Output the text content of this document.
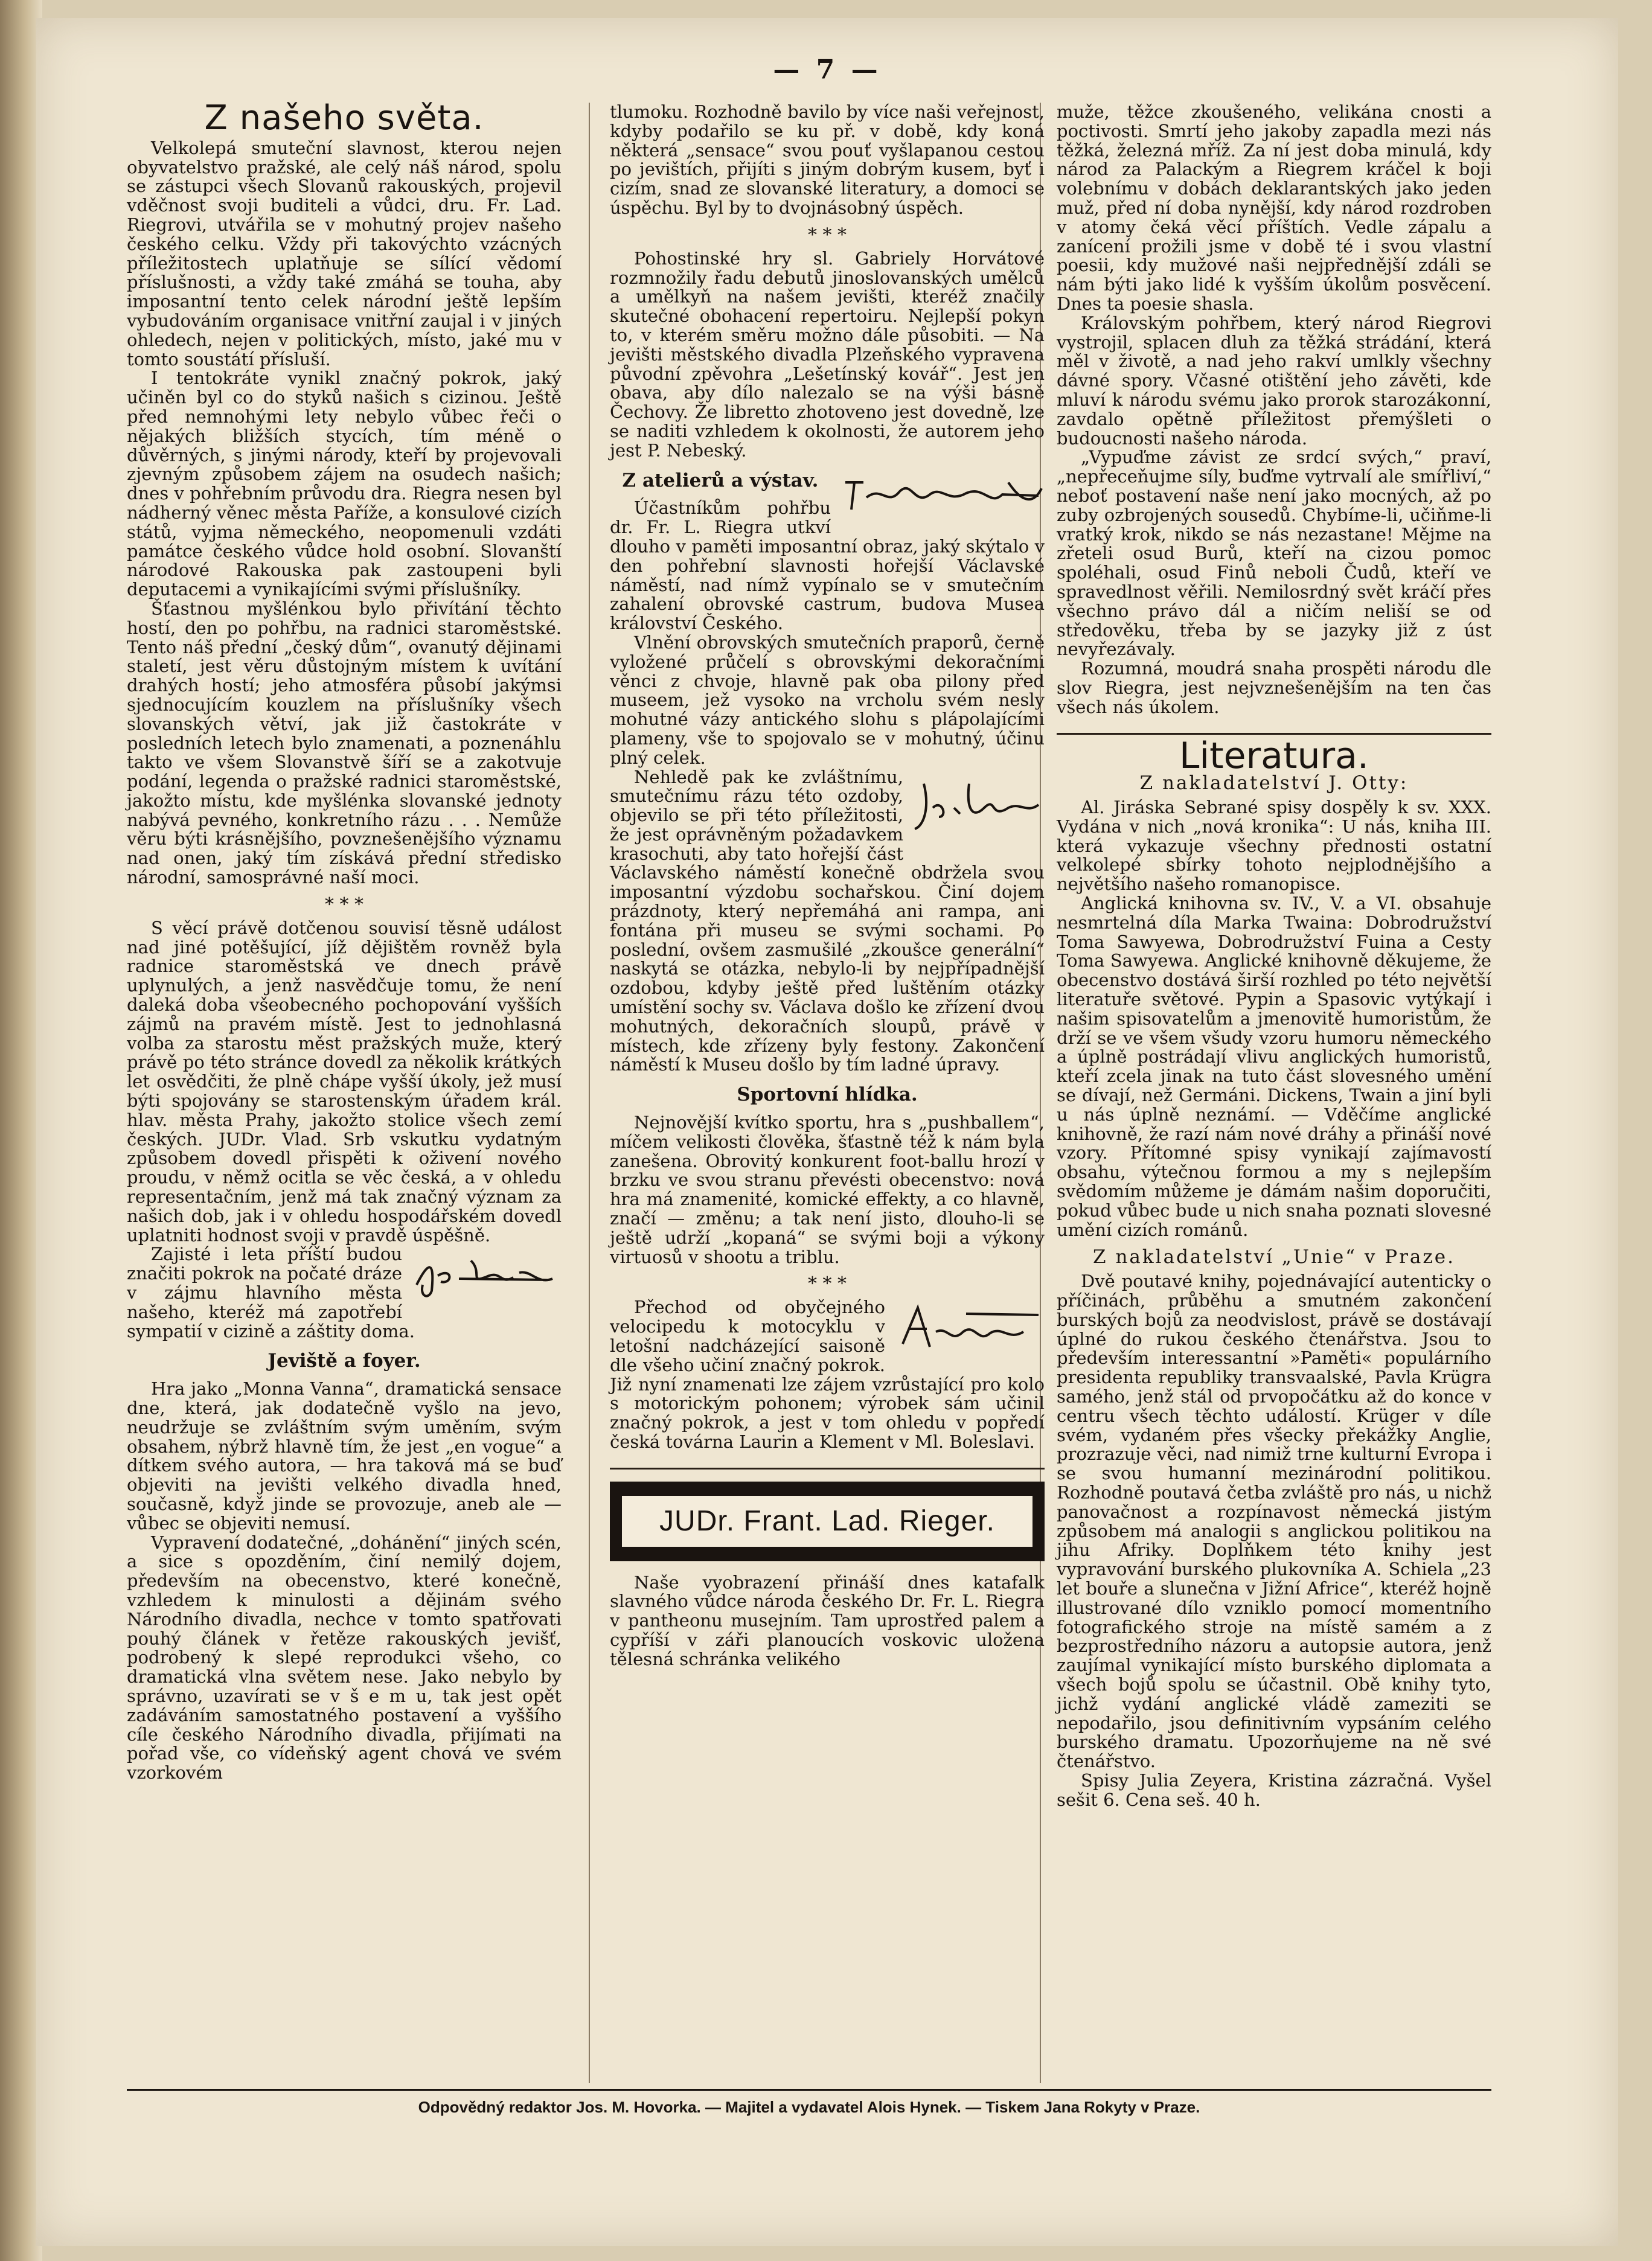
— 7 —
Z našeho světa.

Velkolepá smuteční slavnost, kterou nejen obyvatelstvo pražské, ale celý náš národ, spolu se zástupci všech Slovanů rakouských, projevil vděčnost svoji buditeli a vůdci, dru. Fr. Lad. Riegrovi, utvářila se v mohutný projev našeho českého celku. Vždy při takovýchto vzácných příležitostech uplatňuje se sílící vědomí příslušnosti, a vždy také zmáhá se touha, aby imposantní tento celek národní ještě lepším vybudováním organisace vnitřní zaujal i v jiných ohledech, nejen v politických, místo, jaké mu v tomto soustátí přísluší.

I tentokráte vynikl značný pokrok, jaký učiněn byl co do styků našich s cizinou. Ještě před nemnohými lety nebylo vůbec řeči o nějakých bližších stycích, tím méně o důvěrných, s jinými národy, kteří by projevovali zjevným způsobem zájem na osudech našich; dnes v pohřebním průvodu dra. Riegra nesen byl nádherný věnec města Paříže, a konsulové cizích států, vyjma německého, neopomenuli vzdáti památce českého vůdce hold osobní. Slovanští národové Rakouska pak zastoupeni byli deputacemi a vynikajícími svými příslušníky.

Šťastnou myšlénkou bylo přivítání těchto hostí, den po pohřbu, na radnici staroměstské. Tento náš přední „český dům“, ovanutý dějinami staletí, jest věru důstojným místem k uvítání drahých hostí; jeho atmosféra působí jakýmsi sjednocujícím kouzlem na příslušníky všech slovanských větví, jak již častokráte v posledních letech bylo znamenati, a poznenáhlu takto ve všem Slovanstvě šíří se a zakotvuje podání, legenda o pražské radnici staroměstské, jakožto místu, kde myšlénka slovanské jednoty nabývá pevného, konkretního rázu . . . Nemůže věru býti krásnějšího, povznešenějšího významu nad onen, jaký tím získává přední středisko národní, samosprávné naší moci.

* * *

S věcí právě dotčenou souvisí těsně událost nad jiné potěšující, jíž dějištěm rovněž byla radnice staroměstská ve dnech právě uplynulých, a jenž nasvědčuje tomu, že není daleká doba všeobecného pochopování vyšších zájmů na pravém místě. Jest to jednohlasná volba za starostu měst pražských muže, který právě po této stránce dovedl za několik krátkých let osvědčiti, že plně chápe vyšší úkoly, jež musí býti spojovány se starostenským úřadem král. hlav. města Prahy, jakožto stolice všech zemí českých. JUDr. Vlad. Srb vskutku vydatným způsobem dovedl přispěti k oživení nového proudu, v němž ocitla se věc česká, a v ohledu representačním, jenž má tak značný význam za našich dob, jak i v ohledu hospodářském dovedl uplatniti hodnost svoji v pravdě úspěšně.

Zajisté i leta příští budou značiti pokrok na počaté dráze v zájmu hlavního města našeho, kteréž má zapotřebí sympatií v cizině a záštity doma.

Jeviště a foyer.

Hra jako „Monna Vanna“, dramatická sensace dne, která, jak dodatečně vyšlo na jevo, neudržuje se zvláštním svým uměním, svým obsahem, nýbrž hlavně tím, že jest „en vogue“ a dítkem svého autora, — hra taková má se buď objeviti na jevišti velkého divadla hned, současně, když jinde se provozuje, aneb ale — vůbec se objeviti nemusí.

Vypravení dodatečné, „dohánění“ jiných scén, a sice s opozděním, činí nemilý dojem, především na obecenstvo, které konečně, vzhledem k minulosti a dějinám svého Národního divadla, nechce v tomto spatřovati pouhý článek v řetěze rakouských jevišť, podrobený k slepé reprodukci všeho, co dramatická vlna světem nese. Jako nebylo by správno, uzavírati se v š e m u, tak jest opět zadáváním samostatného postavení a vyššího cíle českého Národního divadla, přijímati na pořad vše, co vídeňský agent chová ve svém vzorkovém

tlumoku. Rozhodně bavilo by více naši veřejnost, kdyby podařilo se ku př. v době, kdy koná některá „sensace“ svou pouť vyšlapanou cestou po jevištích, přijíti s jiným dobrým kusem, byť i cizím, snad ze slovanské literatury, a domoci se úspěchu. Byl by to dvojnásobný úspěch.

* * *

Pohostinské hry sl. Gabriely Horvátové rozmnožily řadu debutů jinoslovanských umělců a umělkyň na našem jevišti, kteréž značily skutečné obohacení repertoiru. Nejlepší pokyn to, v kterém směru možno dále působiti. — Na jevišti městského divadla Plzeňského vypravena původní zpěvohra „Lešetínský kovář“. Jest jen obava, aby dílo nalezalo se na výši básně Čechovy. Že libretto zhotoveno jest dovedně, lze se naditi vzhledem k okolnosti, že autorem jeho jest P. Nebeský.

Z atelierů a výstav.

Účastníkům pohřbu dr. Fr. L. Riegra utkví dlouho v paměti imposantní obraz, jaký skýtalo v den pohřební slavnosti hořejší Václavské náměstí, nad nímž vypínalo se v smutečním zahalení obrovské castrum, budova Musea království Českého.

Vlnění obrovských smutečních praporů, černě vyložené průčelí s obrovskými dekoračními věnci z chvoje, hlavně pak oba pilony před museem, jež vysoko na vrcholu svém nesly mohutné vázy antického slohu s plápolajícími plameny, vše to spojovalo se v mohutný, účinu plný celek.

Nehledě pak ke zvláštnímu, smutečnímu rázu této ozdoby, objevilo se při této příležitosti, že jest oprávněným požadavkem krasochuti, aby tato hořejší část Václavského náměstí konečně obdržela svou imposantní výzdobu sochařskou. Činí dojem prázdnoty, který nepřemáhá ani rampa, ani fontána při museu se svými sochami. Po poslední, ovšem zasmušilé „zkoušce generální“ naskytá se otázka, nebylo-li by nejpřípadnější ozdobou, kdyby ještě před luštěním otázky umístění sochy sv. Václava došlo ke zřízení dvou mohutných, dekoračních sloupů, právě v místech, kde zřízeny byly festony. Zakončení náměstí k Museu došlo by tím ladné úpravy.

Sportovní hlídka.

Nejnovější kvítko sportu, hra s „pushballem“, míčem velikosti člověka, šťastně též k nám byla zanešena. Obrovitý konkurent foot-ballu hrozí v brzku ve svou stranu převésti obecenstvo: nová hra má znamenité, komické effekty, a co hlavně, značí — změnu; a tak není jisto, dlouho-li se ještě udrží „kopaná“ se svými boji a výkony virtuosů v shootu a triblu.

* * *

Přechod od obyčejného velocipedu k motocyklu v letošní nadcházející saisoně dle všeho učiní značný pokrok. Již nyní znamenati lze zájem vzrůstající pro kolo s motorickým pohonem; výrobek sám učinil značný pokrok, a jest v tom ohledu v popředí česká továrna Laurin a Klement v Ml. Boleslavi.

JUDr. Frant. Lad. Rieger.

Naše vyobrazení přináší dnes katafalk slavného vůdce národa českého Dr. Fr. L. Riegra v pantheonu musejním. Tam uprostřed palem a cypříší v záři planoucích voskovic uložena tělesná schránka velikého

muže, těžce zkoušeného, velikána cnosti a poctivosti. Smrtí jeho jakoby zapadla mezi nás těžká, železná mříž. Za ní jest doba minulá, kdy národ za Palackým a Riegrem kráčel k boji volebnímu v dobách deklarantských jako jeden muž, před ní doba nynější, kdy národ rozdroben v atomy čeká věcí příštích. Vedle zápalu a zanícení prožili jsme v době té i svou vlastní poesii, kdy mužové naši nejpřednější zdáli se nám býti jako lidé k vyšším úkolům posvěcení. Dnes ta poesie shasla.

Královským pohřbem, který národ Riegrovi vystrojil, splacen dluh za těžká strádání, která měl v životě, a nad jeho rakví umlkly všechny dávné spory. Včasné otištění jeho závěti, kde mluví k národu svému jako prorok starozákonní, zavdalo opětně příležitost přemýšleti o budoucnosti našeho národa.

„Vypuďme závist ze srdcí svých,“ praví, „nepřeceňujme síly, buďme vytrvalí ale smířliví,“ neboť postavení naše není jako mocných, až po zuby ozbrojených sousedů. Chybíme-li, učiňme-li vratký krok, nikdo se nás nezastane! Mějme na zřeteli osud Burů, kteří na cizou pomoc spoléhali, osud Finů neboli Čudů, kteří ve spravedlnost věřili. Nemilosrdný svět kráčí přes všechno právo dál a ničím neliší se od středověku, třeba by se jazyky již z úst nevyřezávaly.

Rozumná, moudrá snaha prospěti národu dle slov Riegra, jest nejvznešenějším na ten čas všech nás úkolem.

Literatura.
Z nakladatelství J. Otty:

Al. Jiráska Sebrané spisy dospěly k sv. XXX. Vydána v nich „nová kronika“: U nás, kniha III. která vykazuje všechny přednosti ostatní velkolepé sbírky tohoto nejplodnějšího a největšího našeho romanopisce.

Anglická knihovna sv. IV., V. a VI. obsahuje nesmrtelná díla Marka Twaina: Dobrodružství Toma Sawyewa, Dobrodružství Fuina a Cesty Toma Sawyewa. Anglické knihovně děkujeme, že obecenstvo dostává širší rozhled po této největší literatuře světové. Pypin a Spasovic vytýkají i našim spisovatelům a jmenovitě humoristům, že drží se ve všem všudy vzoru humoru německého a úplně postrádají vlivu anglických humoristů, kteří zcela jinak na tuto část slovesného umění se dívají, než Germáni. Dickens, Twain a jiní byli u nás úplně neznámí. — Vděčíme anglické knihovně, že razí nám nové dráhy a přináší nové vzory. Přítomné spisy vynikají zajímavostí obsahu, výtečnou formou a my s nejlepším svědomím můžeme je dámám našim doporučiti, pokud vůbec bude u nich snaha poznati slovesné umění cizích románů.

Z nakladatelství „Unie“ v Praze.

Dvě poutavé knihy, pojednávající autenticky o příčinách, průběhu a smutném zakončení burských bojů za neodvislost, právě se dostávají úplné do rukou českého čtenářstva. Jsou to především interessantní »Paměti« populárního presidenta republiky transvaalské, Pavla Krügra samého, jenž stál od prvopočátku až do konce v centru všech těchto událostí. Krüger v díle svém, vydaném přes všecky překážky Anglie, prozrazuje věci, nad nimiž trne kulturní Evropa i se svou humanní mezinárodní politikou. Rozhodně poutavá četba zvláště pro nás, u nichž panovačnost a rozpínavost německá jistým způsobem má analogii s anglickou politikou na jihu Afriky. Doplňkem této knihy jest vypravování burského plukovníka A. Schiela „23 let bouře a slunečna v Jižní Africe“, kteréž hojně illustrované dílo vzniklo pomocí momentního fotografického stroje na místě samém a z bezprostředního názoru a autopsie autora, jenž zaujímal vynikající místo burského diplomata a všech bojů spolu se účastnil. Obě knihy tyto, jichž vydání anglické vládě zameziti se nepodařilo, jsou definitivním vypsáním celého burského dramatu. Upozorňujeme na ně své čtenářstvo.

Spisy Julia Zeyera, Kristina zázračná. Vyšel sešit 6. Cena seš. 40 h.

Odpovědný redaktor Jos. M. Hovorka. — Majitel a vydavatel Alois Hynek. — Tiskem Jana Rokyty v Praze.
